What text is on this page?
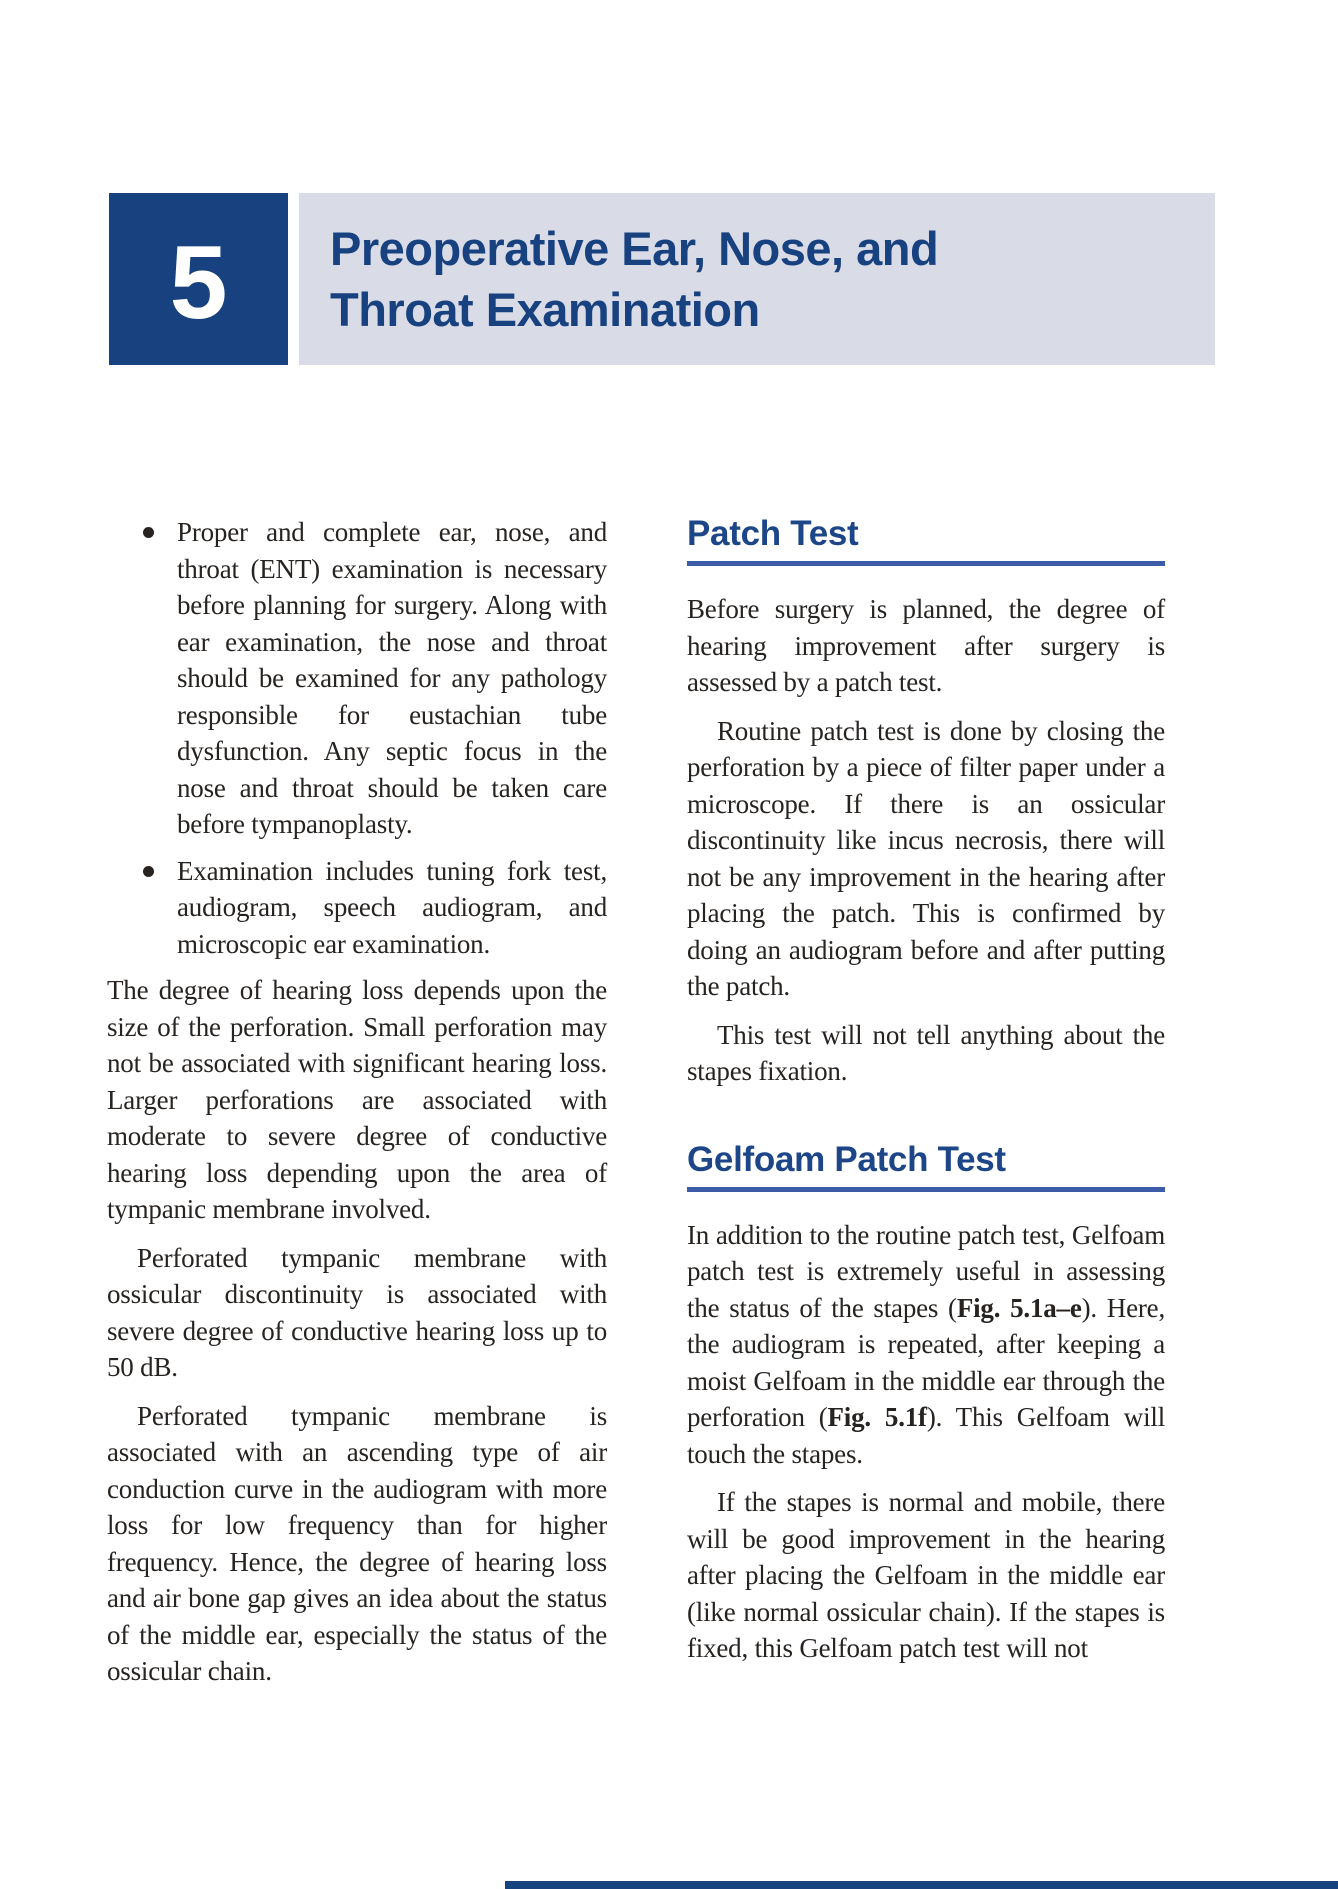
5 Preoperative Ear, Nose, and
Throat Examination
Proper and complete ear, nose, and throat (ENT) examination is necessary before planning for surgery. Along with ear examination, the nose and throat should be examined for any pathology responsible for eustachian tube dysfunction. Any septic focus in the nose and throat should be taken care before tympanoplasty.
Examination includes tuning fork test, audiogram, speech audiogram, and microscopic ear examination.

The degree of hearing loss depends upon the size of the perforation. Small perforation may not be associated with significant hearing loss. Larger perforations are associated with moderate to severe degree of conductive hearing loss depending upon the area of tympanic membrane involved.

Perforated tympanic membrane with ossicular discontinuity is associated with severe degree of conductive hearing loss up to 50 dB.

Perforated tympanic membrane is associated with an ascending type of air conduction curve in the audiogram with more loss for low frequency than for higher frequency. Hence, the degree of hearing loss and air bone gap gives an idea about the status of the middle ear, especially the status of the ossicular chain.

Patch Test

Before surgery is planned, the degree of hearing improvement after surgery is assessed by a patch test.

Routine patch test is done by closing the perforation by a piece of filter paper under a microscope. If there is an ossicular discontinuity like incus necrosis, there will not be any improvement in the hearing after placing the patch. This is confirmed by doing an audiogram before and after putting the patch.

This test will not tell anything about the stapes fixation.

Gelfoam Patch Test

In addition to the routine patch test, Gelfoam patch test is extremely useful in assessing the status of the stapes (Fig. 5.1a–e). Here, the audiogram is repeated, after keeping a moist Gelfoam in the middle ear through the perforation (Fig. 5.1f). This Gelfoam will touch the stapes.

If the stapes is normal and mobile, there will be good improvement in the hearing after placing the Gelfoam in the middle ear (like normal ossicular chain). If the stapes is fixed, this Gelfoam patch test will not
